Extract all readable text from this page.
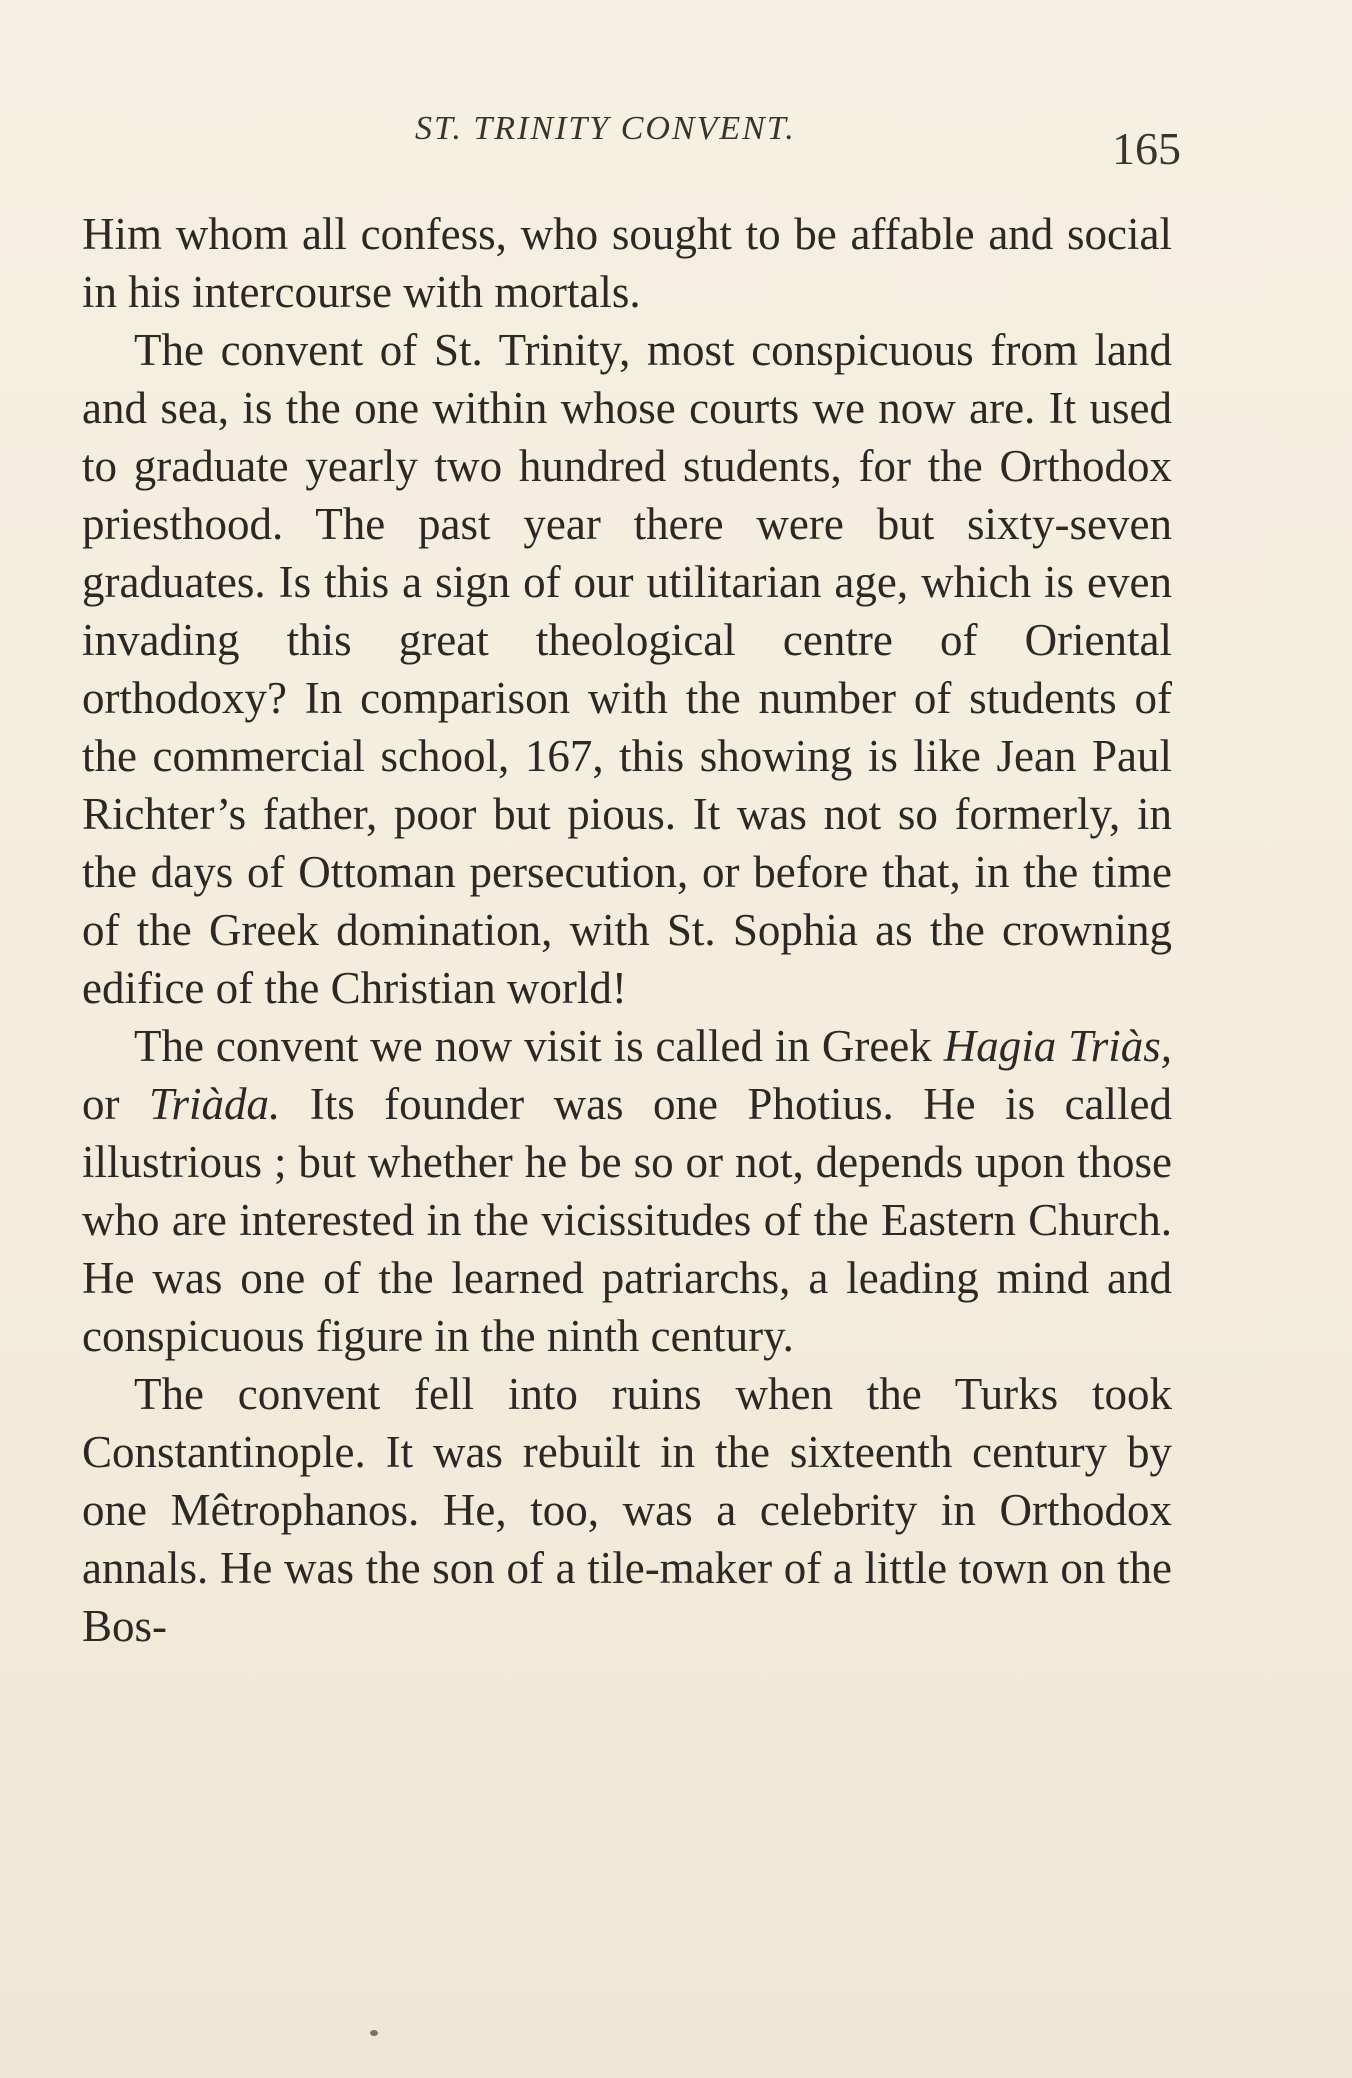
ST. TRINITY CONVENT.	165

Him whom all confess, who sought to be affable and social in his intercourse with mortals.

The convent of St. Trinity, most conspicuous from land and sea, is the one within whose courts we now are. It used to graduate yearly two hundred students, for the Orthodox priesthood. The past year there were but sixty-seven graduates. Is this a sign of our utilitarian age, which is even invading this great theological centre of Oriental orthodoxy? In comparison with the number of students of the commercial school, 167, this showing is like Jean Paul Richter’s father, poor but pious. It was not so formerly, in the days of Ottoman persecution, or before that, in the time of the Greek domination, with St. Sophia as the crowning edifice of the Christian world!

The convent we now visit is called in Greek Hagia Triàs, or Triàda. Its founder was one Photius. He is called illustrious ; but whether he be so or not, depends upon those who are interested in the vicissitudes of the Eastern Church. He was one of the learned patriarchs, a leading mind and conspicuous figure in the ninth century.

The convent fell into ruins when the Turks took Constantinople. It was rebuilt in the sixteenth century by one Mêtrophanos. He, too, was a celebrity in Orthodox annals. He was the son of a tile-maker of a little town on the Bos-
